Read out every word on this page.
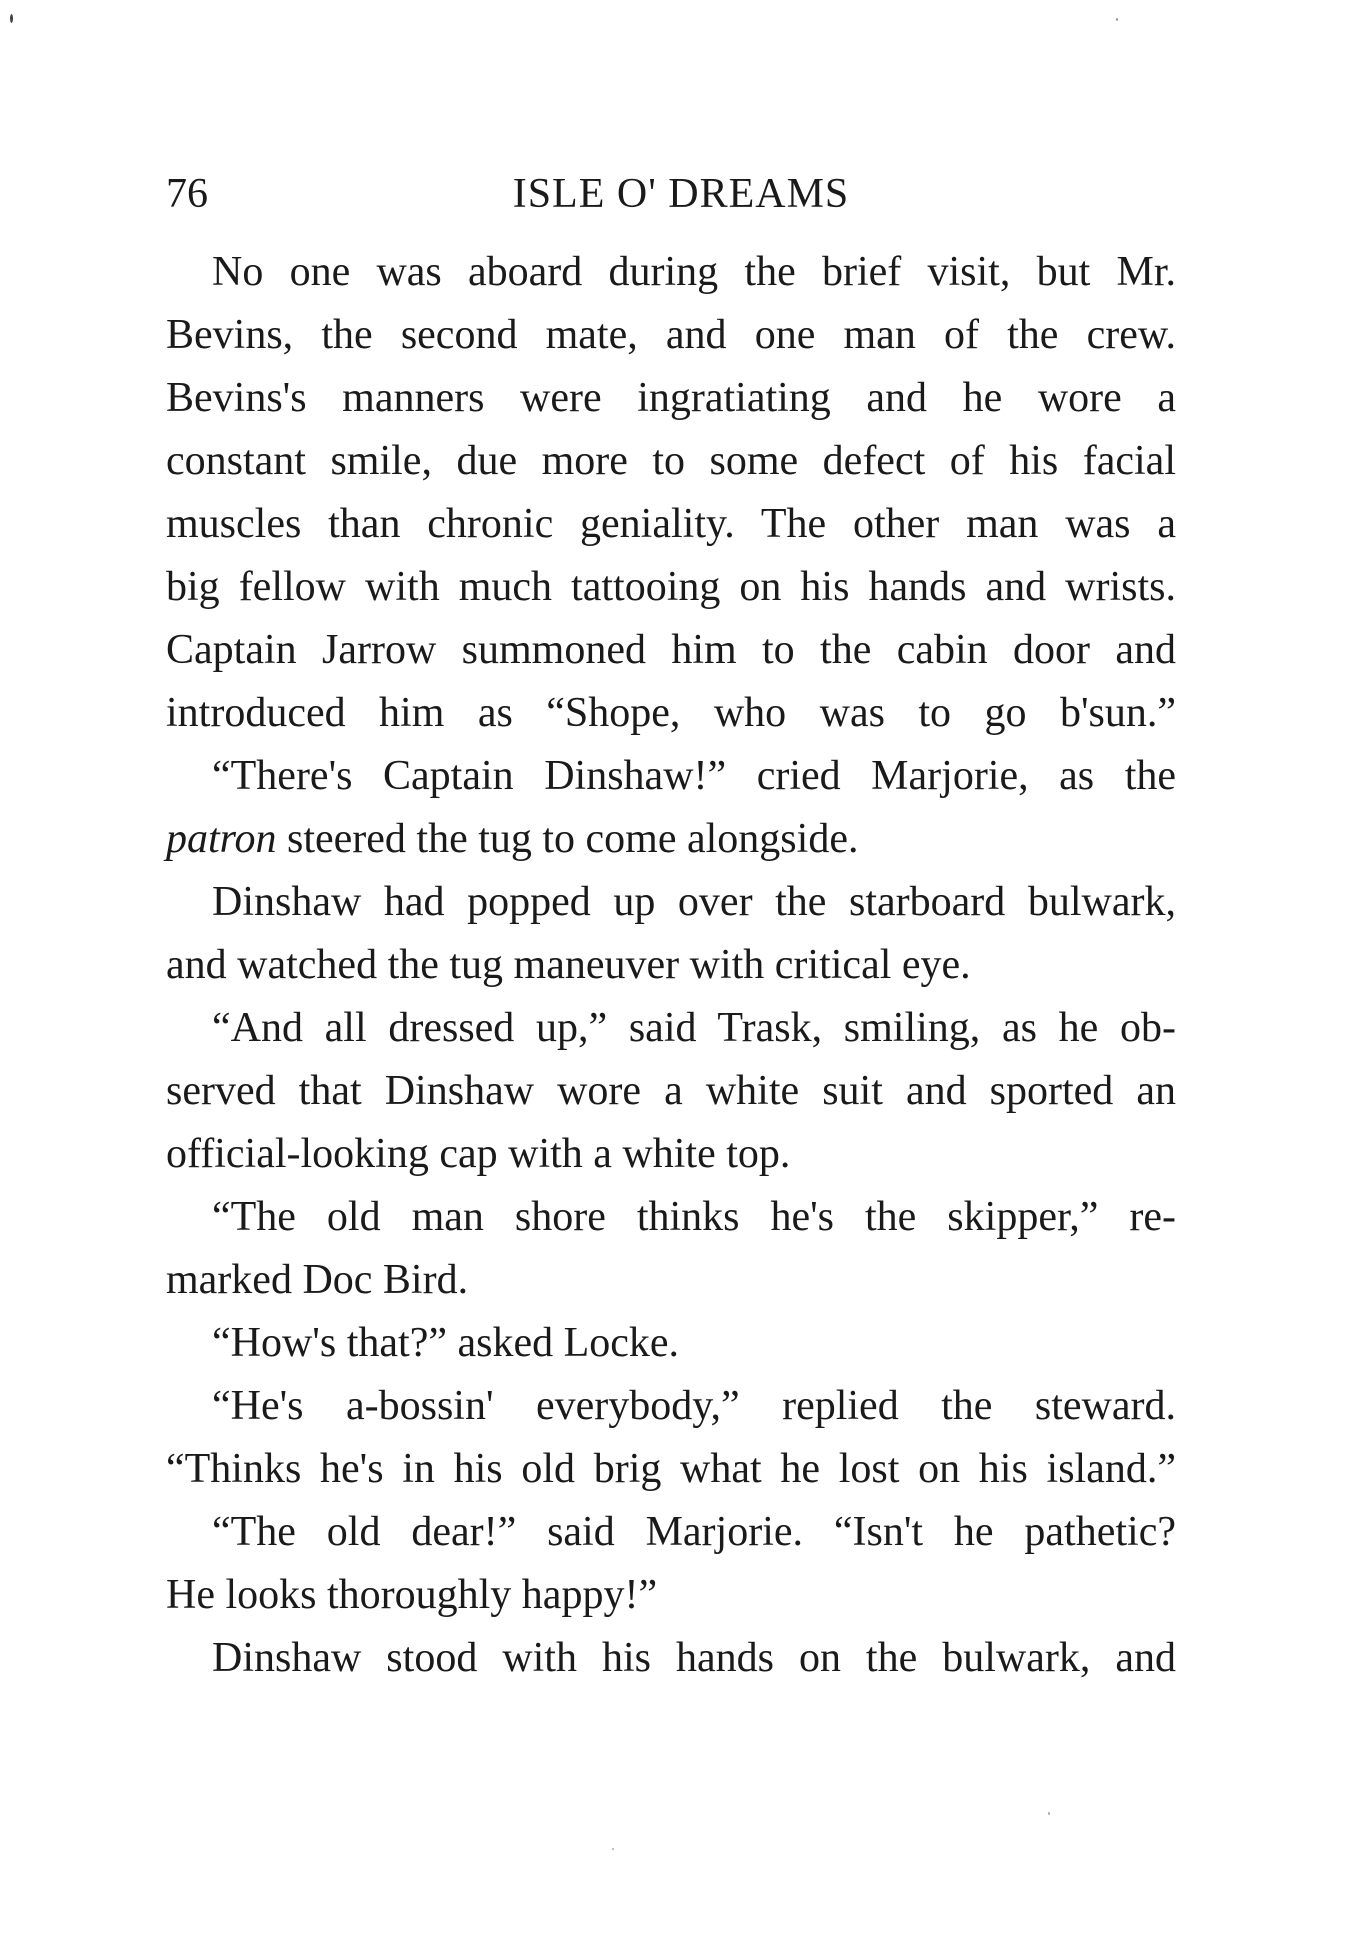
76	ISLE O' DREAMS
No one was aboard during the brief visit, but Mr.
Bevins, the second mate, and one man of the crew.
Bevins's manners were ingratiating and he wore a
constant smile, due more to some defect of his facial
muscles than chronic geniality. The other man was a
big fellow with much tattooing on his hands and wrists.
Captain Jarrow summoned him to the cabin door and
introduced him as “Shope, who was to go b'sun.”
“There's Captain Dinshaw!” cried Marjorie, as the
patron steered the tug to come alongside.
Dinshaw had popped up over the starboard bulwark,
and watched the tug maneuver with critical eye.
“And all dressed up,” said Trask, smiling, as he ob-
served that Dinshaw wore a white suit and sported an
official-looking cap with a white top.
“The old man shore thinks he's the skipper,” re-
marked Doc Bird.
“How's that?” asked Locke.
“He's a-bossin' everybody,” replied the steward.
“Thinks he's in his old brig what he lost on his island.”
“The old dear!” said Marjorie. “Isn't he pathetic?
He looks thoroughly happy!”
Dinshaw stood with his hands on the bulwark, and
